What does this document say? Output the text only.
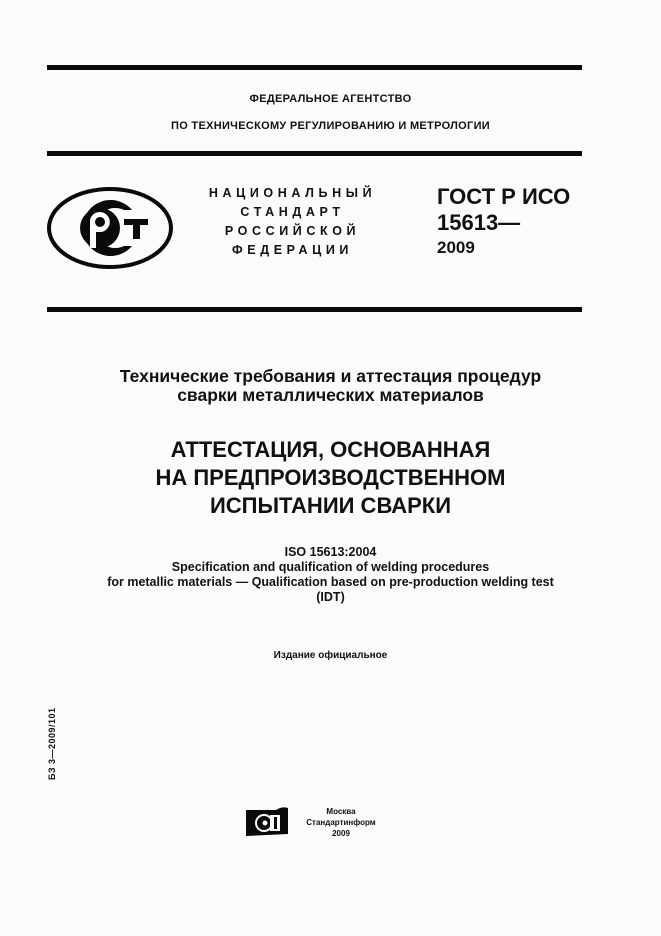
ФЕДЕРАЛЬНОЕ АГЕНТСТВО
ПО ТЕХНИЧЕСКОМУ РЕГУЛИРОВАНИЮ И МЕТРОЛОГИИ
НАЦИОНАЛЬНЫЙ
СТАНДАРТ
РОССИЙСКОЙ
ФЕДЕРАЦИИ
ГОСТ Р ИСО
15613—
2009
Технические требования и аттестация процедур
сварки металлических материалов
АТТЕСТАЦИЯ, ОСНОВАННАЯ
НА ПРЕДПРОИЗВОДСТВЕННОМ
ИСПЫТАНИИ СВАРКИ
ISO 15613:2004
Specification and qualification of welding procedures
for metallic materials — Qualification based on pre-production welding test
(IDT)
Издание официальное
БЗ 3—2009/101
Москва
Стандартинформ
2009
